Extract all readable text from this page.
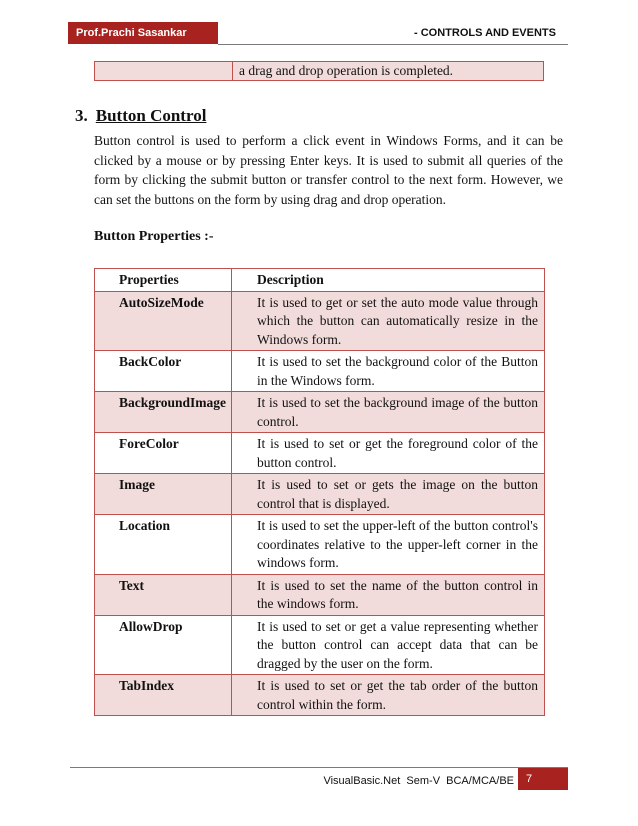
Prof.Prachi Sasankar	- CONTROLS AND EVENTS
	a drag and drop operation is completed.
3. Button Control

Button control is used to perform a click event in Windows Forms, and it can be clicked by a mouse or by pressing Enter keys. It is used to submit all queries of the form by clicking the submit button or transfer control to the next form. However, we can set the buttons on the form by using drag and drop operation.

Button Properties :-
Properties	Description
AutoSizeMode	It is used to get or set the auto mode value through which the button can automatically resize in the Windows form.
BackColor	It is used to set the background color of the Button in the Windows form.
BackgroundImage	It is used to set the background image of the button control.
ForeColor	It is used to set or get the foreground color of the button control.
Image	It is used to set or gets the image on the button control that is displayed.
Location	It is used to set the upper-left of the button control's coordinates relative to the upper-left corner in the windows form.
Text	It is used to set the name of the button control in the windows form.
AllowDrop	It is used to set or get a value representing whether the button control can accept data that can be dragged by the user on the form.
TabIndex	It is used to set or get the tab order of the button control within the form.
VisualBasic.Net  Sem-V  BCA/MCA/BE	7
